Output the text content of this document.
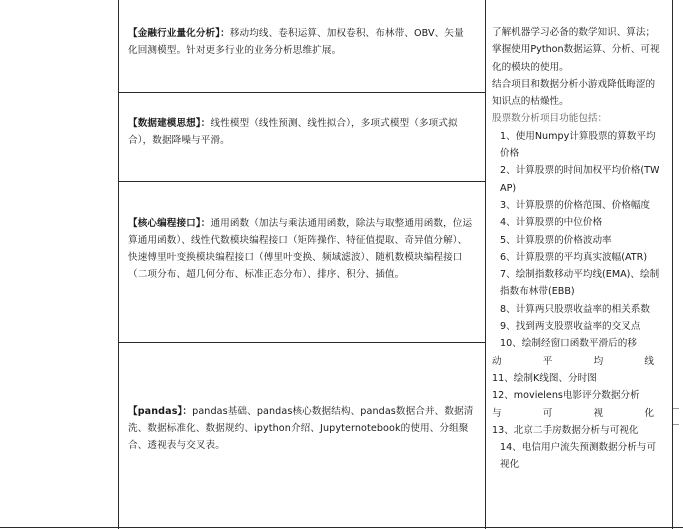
【金融行业量化分析】：移动均线、卷积运算、加权卷积、布林带、OBV、矢量化回测模型。针对更多行业的业务分析思维扩展。
【数据建模思想】：线性模型（线性预测、线性拟合），多项式模型（多项式拟合），数据降噪与平滑。
【核心编程接口】：通用函数（加法与乘法通用函数，除法与取整通用函数，位运算通用函数）、线性代数模块编程接口（矩阵操作、特征值提取、奇异值分解）、快速傅里叶变换模块编程接口（傅里叶变换、频域滤波）、随机数模块编程接口（二项分布、超几何分布、标准正态分布）、排序、积分、插值。
【pandas】：pandas基础、pandas核心数据结构、pandas数据合并、数据清洗、数据标准化、数据规约、ipython介绍、Jupyternotebook的使用、分组聚合、透视表与交叉表。

了解机器学习必备的数学知识、算法；掌握使用Python数据运算、分析、可视化的模块的使用。

结合项目和数据分析小游戏降低晦涩的知识点的枯燥性。

股票数分析项目功能包括：

1、使用Numpy计算股票的算数平均价格

2、计算股票的时间加权平均价格(TWAP)

3、计算股票的价格范围、价格幅度

4、计算股票的中位价格

5、计算股票的价格波动率

6、计算股票的平均真实波幅(ATR)

7、绘制指数移动平均线(EMA)、绘制指数布林带(EBB)

8、计算两只股票收益率的相关系数

9、找到两支股票收益率的交叉点

10、绘制经窗口函数平滑后的移

动	平	均	线

11、绘制K线图、分时图

12、movielens电影评分数据分析

与	可	视	化

13、北京二手房数据分析与可视化

14、电信用户流失预测数据分析与可视化
